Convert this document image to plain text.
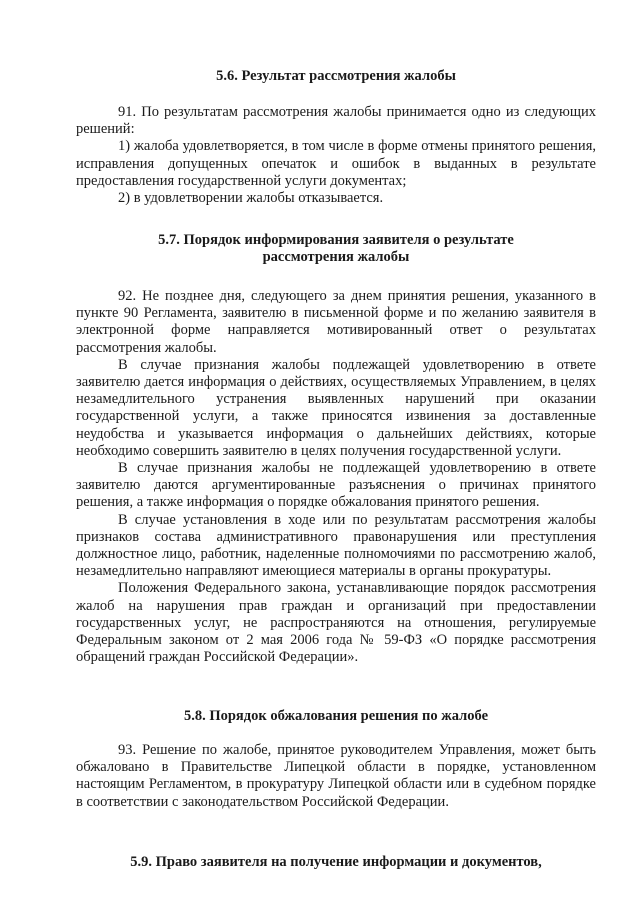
5.6. Результат рассмотрения жалобы

91. По результатам рассмотрения жалобы принимается одно из следующих решений:

1) жалоба удовлетворяется, в том числе в форме отмены принятого решения, исправления допущенных опечаток и ошибок в выданных в результате предоставления государственной услуги документах;

2) в удовлетворении жалобы отказывается.

5.7. Порядок информирования заявителя о результате

рассмотрения жалобы

92. Не позднее дня, следующего за днем принятия решения, указанного в пункте 90 Регламента, заявителю в письменной форме и по желанию заявителя в электронной форме направляется мотивированный ответ о результатах рассмотрения жалобы.

В случае признания жалобы подлежащей удовлетворению в ответе заявителю дается информация о действиях, осуществляемых Управлением, в целях незамедлительного устранения выявленных нарушений при оказании государственной услуги, а также приносятся извинения за доставленные неудобства и указывается информация о дальнейших действиях, которые необходимо совершить заявителю в целях получения государственной услуги.

В случае признания жалобы не подлежащей удовлетворению в ответе заявителю даются аргументированные разъяснения о причинах принятого решения, а также информация о порядке обжалования принятого решения.

В случае установления в ходе или по результатам рассмотрения жалобы признаков состава административного правонарушения или преступления должностное лицо, работник, наделенные полномочиями по рассмотрению жалоб, незамедлительно направляют имеющиеся материалы в органы прокуратуры.

Положения Федерального закона, устанавливающие порядок рассмотрения жалоб на нарушения прав граждан и организаций при предоставлении государственных услуг, не распространяются на отношения, регулируемые Федеральным законом от 2 мая 2006 года № 59-ФЗ «О порядке рассмотрения обращений граждан Российской Федерации».

5.8. Порядок обжалования решения по жалобе

93. Решение по жалобе, принятое руководителем Управления, может быть обжаловано в Правительстве Липецкой области в порядке, установленном настоящим Регламентом, в прокуратуру Липецкой области или в судебном порядке в соответствии с законодательством Российской Федерации.

5.9. Право заявителя на получение информации и документов,
